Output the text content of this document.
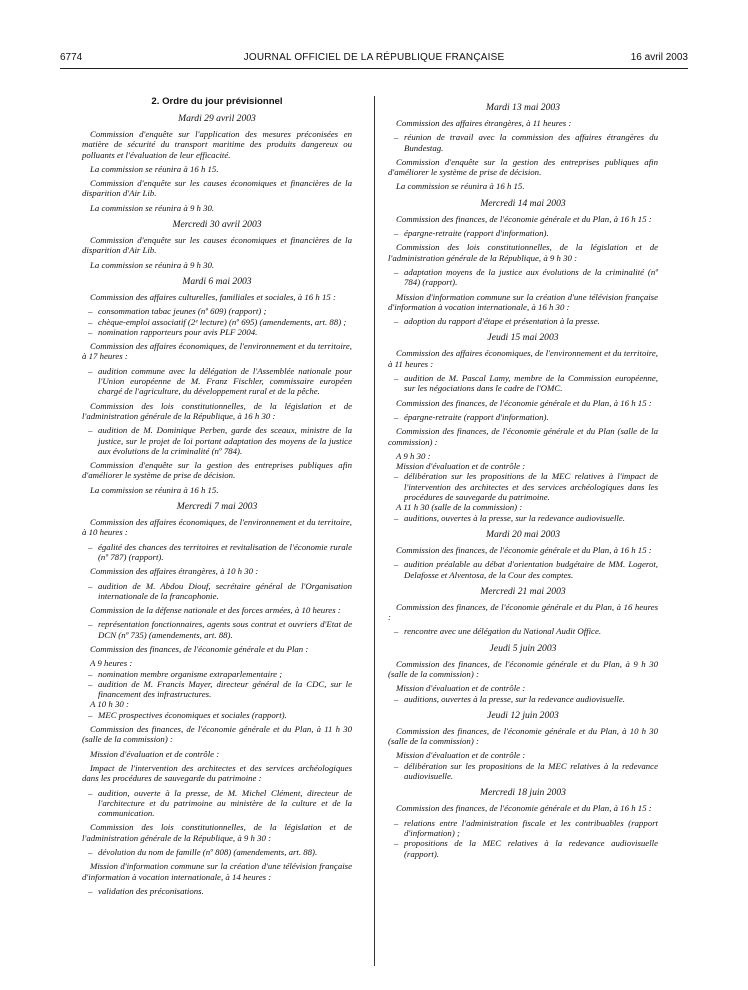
6774	JOURNAL OFFICIEL DE LA RÉPUBLIQUE FRANÇAISE	16 avril 2003
2. Ordre du jour prévisionnel
Mardi 29 avril 2003
Commission d'enquête sur l'application des mesures préconisées en matière de sécurité du transport maritime des produits dangereux ou polluants et l'évaluation de leur efficacité.
La commission se réunira à 16 h 15.
Commission d'enquête sur les causes économiques et financières de la disparition d'Air Lib.
La commission se réunira à 9 h 30.
Mercredi 30 avril 2003
Commission d'enquête sur les causes économiques et financières de la disparition d'Air Lib.
La commission se réunira à 9 h 30.
Mardi 6 mai 2003
Commission des affaires culturelles, familiales et sociales, à 16 h 15 :
– consommation tabac jeunes (nº 609) (rapport) ;
– chèque-emploi associatif (2ᵉ lecture) (nº 695) (amendements, art. 88) ;
– nomination rapporteurs pour avis PLF 2004.
Commission des affaires économiques, de l'environnement et du territoire, à 17 heures :
– audition commune avec la délégation de l'Assemblée nationale pour l'Union européenne de M. Franz Fischler, commissaire européen chargé de l'agriculture, du développement rural et de la pêche.
Commission des lois constitutionnelles, de la législation et de l'administration générale de la République, à 16 h 30 :
– audition de M. Dominique Perben, garde des sceaux, ministre de la justice, sur le projet de loi portant adaptation des moyens de la justice aux évolutions de la criminalité (nº 784).
Commission d'enquête sur la gestion des entreprises publiques afin d'améliorer le système de prise de décision.
La commission se réunira à 16 h 15.
Mercredi 7 mai 2003
Commission des affaires économiques, de l'environnement et du territoire, à 10 heures :
– égalité des chances des territoires et revitalisation de l'économie rurale (nº 787) (rapport).
Commission des affaires étrangères, à 10 h 30 :
– audition de M. Abdou Diouf, secrétaire général de l'Organisation internationale de la francophonie.
Commission de la défense nationale et des forces armées, à 10 heures :
– représentation fonctionnaires, agents sous contrat et ouvriers d'Etat de DCN (nº 735) (amendements, art. 88).
Commission des finances, de l'économie générale et du Plan :
A 9 heures :
– nomination membre organisme extraparlementaire ;
– audition de M. Francis Mayer, directeur général de la CDC, sur le financement des infrastructures.
A 10 h 30 :
– MEC prospectives économiques et sociales (rapport).
Commission des finances, de l'économie générale et du Plan, à 11 h 30 (salle de la commission) :
Mission d'évaluation et de contrôle :
Impact de l'intervention des architectes et des services archéologiques dans les procédures de sauvegarde du patrimoine :
– audition, ouverte à la presse, de M. Michel Clément, directeur de l'architecture et du patrimoine au ministère de la culture et de la communication.
Commission des lois constitutionnelles, de la législation et de l'administration générale de la République, à 9 h 30 :
– dévolution du nom de famille (nº 808) (amendements, art. 88).
Mission d'information commune sur la création d'une télévision française d'information à vocation internationale, à 14 heures :
– validation des préconisations.
Mardi 13 mai 2003
Commission des affaires étrangères, à 11 heures :
– réunion de travail avec la commission des affaires étrangères du Bundestag.
Commission d'enquête sur la gestion des entreprises publiques afin d'améliorer le système de prise de décision.
La commission se réunira à 16 h 15.
Mercredi 14 mai 2003
Commission des finances, de l'économie générale et du Plan, à 16 h 15 :
– épargne-retraite (rapport d'information).
Commission des lois constitutionnelles, de la législation et de l'administration générale de la République, à 9 h 30 :
– adaptation moyens de la justice aux évolutions de la criminalité (nº 784) (rapport).
Mission d'information commune sur la création d'une télévision française d'information à vocation internationale, à 16 h 30 :
– adoption du rapport d'étape et présentation à la presse.
Jeudi 15 mai 2003
Commission des affaires économiques, de l'environnement et du territoire, à 11 heures :
– audition de M. Pascal Lamy, membre de la Commission européenne, sur les négociations dans le cadre de l'OMC.
Commission des finances, de l'économie générale et du Plan, à 16 h 15 :
– épargne-retraite (rapport d'information).
Commission des finances, de l'économie générale et du Plan (salle de la commission) :
A 9 h 30 :
Mission d'évaluation et de contrôle :
– délibération sur les propositions de la MEC relatives à l'impact de l'intervention des architectes et des services archéologiques dans les procédures de sauvegarde du patrimoine.
A 11 h 30 (salle de la commission) :
– auditions, ouvertes à la presse, sur la redevance audiovisuelle.
Mardi 20 mai 2003
Commission des finances, de l'économie générale et du Plan, à 16 h 15 :
– audition préalable au débat d'orientation budgétaire de MM. Logerot, Delafosse et Alventosa, de la Cour des comptes.
Mercredi 21 mai 2003
Commission des finances, de l'économie générale et du Plan, à 16 heures :
– rencontre avec une délégation du National Audit Office.
Jeudi 5 juin 2003
Commission des finances, de l'économie générale et du Plan, à 9 h 30 (salle de la commission) :
Mission d'évaluation et de contrôle :
– auditions, ouvertes à la presse, sur la redevance audiovisuelle.
Jeudi 12 juin 2003
Commission des finances, de l'économie générale et du Plan, à 10 h 30 (salle de la commission) :
Mission d'évaluation et de contrôle :
– délibération sur les propositions de la MEC relatives à la redevance audiovisuelle.
Mercredi 18 juin 2003
Commission des finances, de l'économie générale et du Plan, à 16 h 15 :
– relations entre l'administration fiscale et les contribuables (rapport d'information) ;
– propositions de la MEC relatives à la redevance audiovisuelle (rapport).
